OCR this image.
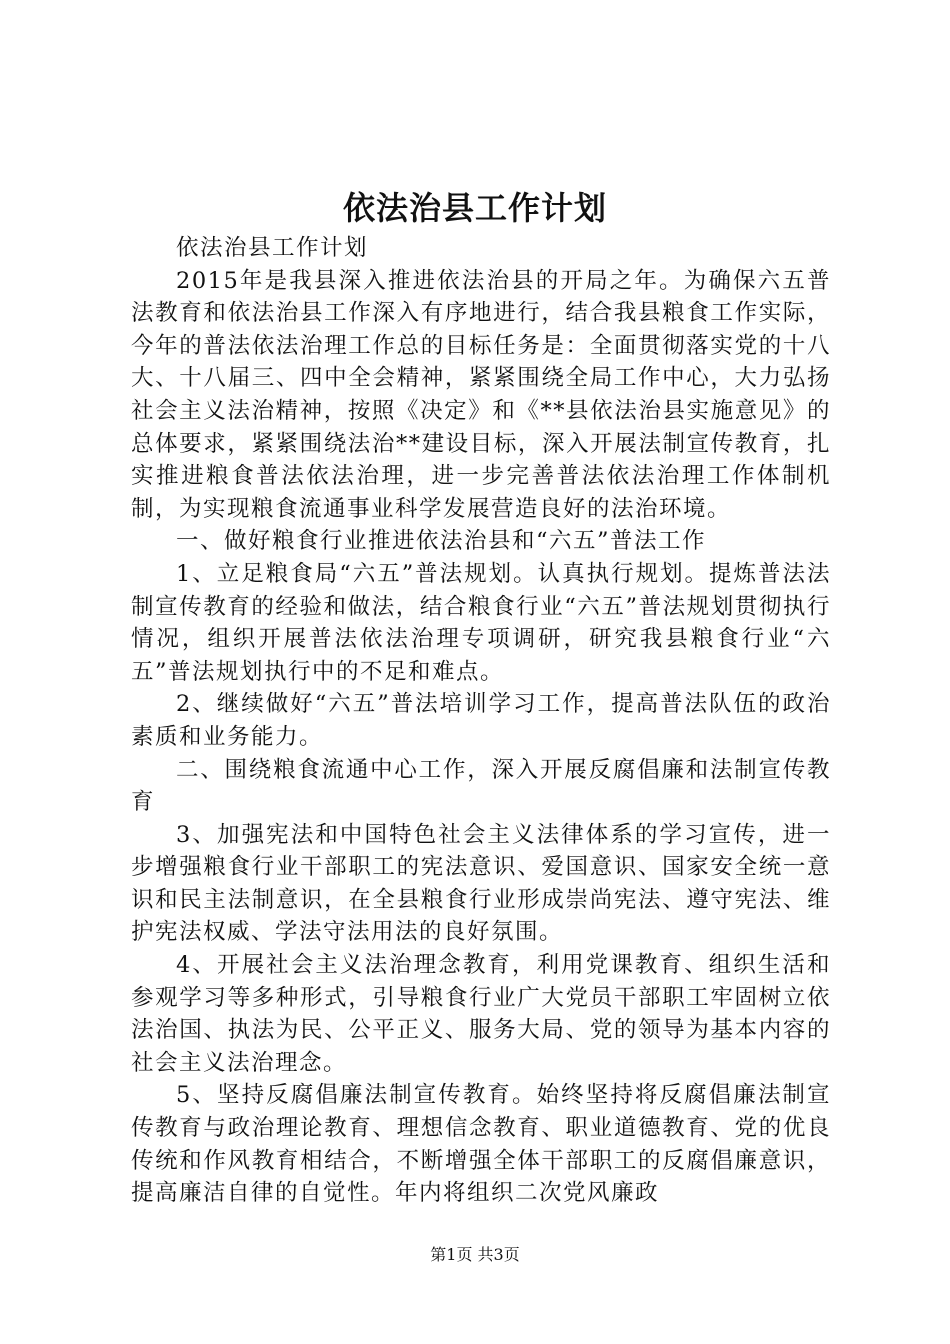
依法治县工作计划

依法治县工作计划

2015年是我县深入推进依法治县的开局之年。为确保六五普法教育和依法治县工作深入有序地进行，结合我县粮食工作实际，今年的普法依法治理工作总的目标任务是：全面贯彻落实党的十八大、十八届三、四中全会精神，紧紧围绕全局工作中心，大力弘扬社会主义法治精神，按照《决定》和《**县依法治县实施意见》的总体要求，紧紧围绕法治**建设目标，深入开展法制宣传教育，扎实推进粮食普法依法治理，进一步完善普法依法治理工作体制机制，为实现粮食流通事业科学发展营造良好的法治环境。

一、做好粮食行业推进依法治县和“六五”普法工作

1、立足粮食局“六五”普法规划。认真执行规划。提炼普法法制宣传教育的经验和做法，结合粮食行业“六五”普法规划贯彻执行情况，组织开展普法依法治理专项调研，研究我县粮食行业“六五”普法规划执行中的不足和难点。

2、继续做好“六五”普法培训学习工作，提高普法队伍的政治素质和业务能力。

二、围绕粮食流通中心工作，深入开展反腐倡廉和法制宣传教育

3、加强宪法和中国特色社会主义法律体系的学习宣传，进一步增强粮食行业干部职工的宪法意识、爱国意识、国家安全统一意识和民主法制意识，在全县粮食行业形成崇尚宪法、遵守宪法、维护宪法权威、学法守法用法的良好氛围。

4、开展社会主义法治理念教育，利用党课教育、组织生活和参观学习等多种形式，引导粮食行业广大党员干部职工牢固树立依法治国、执法为民、公平正义、服务大局、党的领导为基本内容的社会主义法治理念。

5、坚持反腐倡廉法制宣传教育。始终坚持将反腐倡廉法制宣传教育与政治理论教育、理想信念教育、职业道德教育、党的优良传统和作风教育相结合，不断增强全体干部职工的反腐倡廉意识，提高廉洁自律的自觉性。年内将组织二次党风廉政

第1页 共3页
